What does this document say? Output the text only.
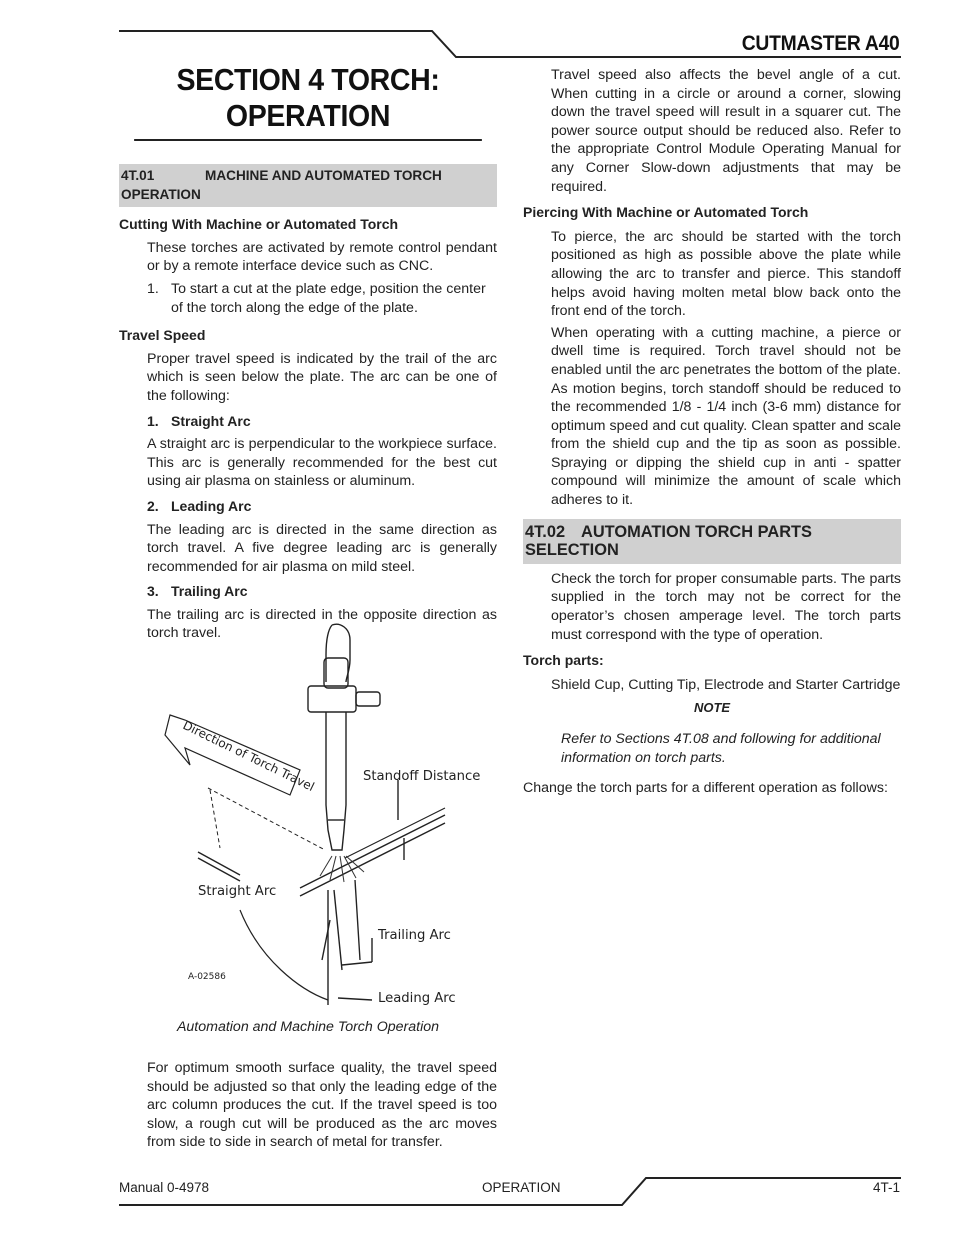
CUTMASTER A40
SECTION 4 TORCH:
OPERATION
4T.01	MACHINE AND AUTOMATED TORCH OPERATION
Cutting With Machine or Automated Torch
These torches are activated by remote control pendant or by a remote interface device such as CNC.
1. To start a cut at the plate edge, position the center of the torch along the edge of the plate.
Travel Speed
Proper travel speed is indicated by the trail of the arc which is seen below the plate. The arc can be one of the following:
1. Straight Arc
A straight arc is perpendicular to the workpiece surface. This arc is generally recommended for the best cut using air plasma on stainless or aluminum.
2. Leading Arc
The leading arc is directed in the same direction as torch travel. A five degree leading arc is generally recommended for air plasma on mild steel.
3. Trailing Arc
The trailing arc is directed in the opposite direction as torch travel.
Direction of Torch Travel	Standoff Distance
Straight Arc
Trailing Arc
Leading Arc
A-02586
Automation and Machine Torch Operation
For optimum smooth surface quality, the travel speed should be adjusted so that only the leading edge of the arc column produces the cut. If the travel speed is too slow, a rough cut will be produced as the arc moves from side to side in search of metal for transfer.
Travel speed also affects the bevel angle of a cut. When cutting in a circle or around a corner, slowing down the travel speed will result in a squarer cut. The power source output should be reduced also. Refer to the appropriate Control Module Operating Manual for any Corner Slow-down adjustments that may be required.
Piercing With Machine or Automated Torch
To pierce, the arc should be started with the torch positioned as high as possible above the plate while allowing the arc to transfer and pierce. This standoff helps avoid having molten metal blow back onto the front end of the torch.
When operating with a cutting machine, a pierce or dwell time is required. Torch travel should not be enabled until the arc penetrates the bottom of the plate. As motion begins, torch standoff should be reduced to the recommended 1/8 - 1/4 inch (3-6 mm) distance for optimum speed and cut quality. Clean spatter and scale from the shield cup and the tip as soon as possible. Spraying or dipping the shield cup in anti - spatter compound will minimize the amount of scale which adheres to it.
4T.02 AUTOMATION TORCH PARTS SELECTION
Check the torch for proper consumable parts. The parts supplied in the torch may not be correct for the operator’s chosen amperage level. The torch parts must correspond with the type of operation.
Torch parts:
Shield Cup, Cutting Tip, Electrode and Starter Cartridge
NOTE
Refer to Sections 4T.08 and following for additional information on torch parts.
Change the torch parts for a different operation as follows:
Manual 0-4978	OPERATION	4T-1
